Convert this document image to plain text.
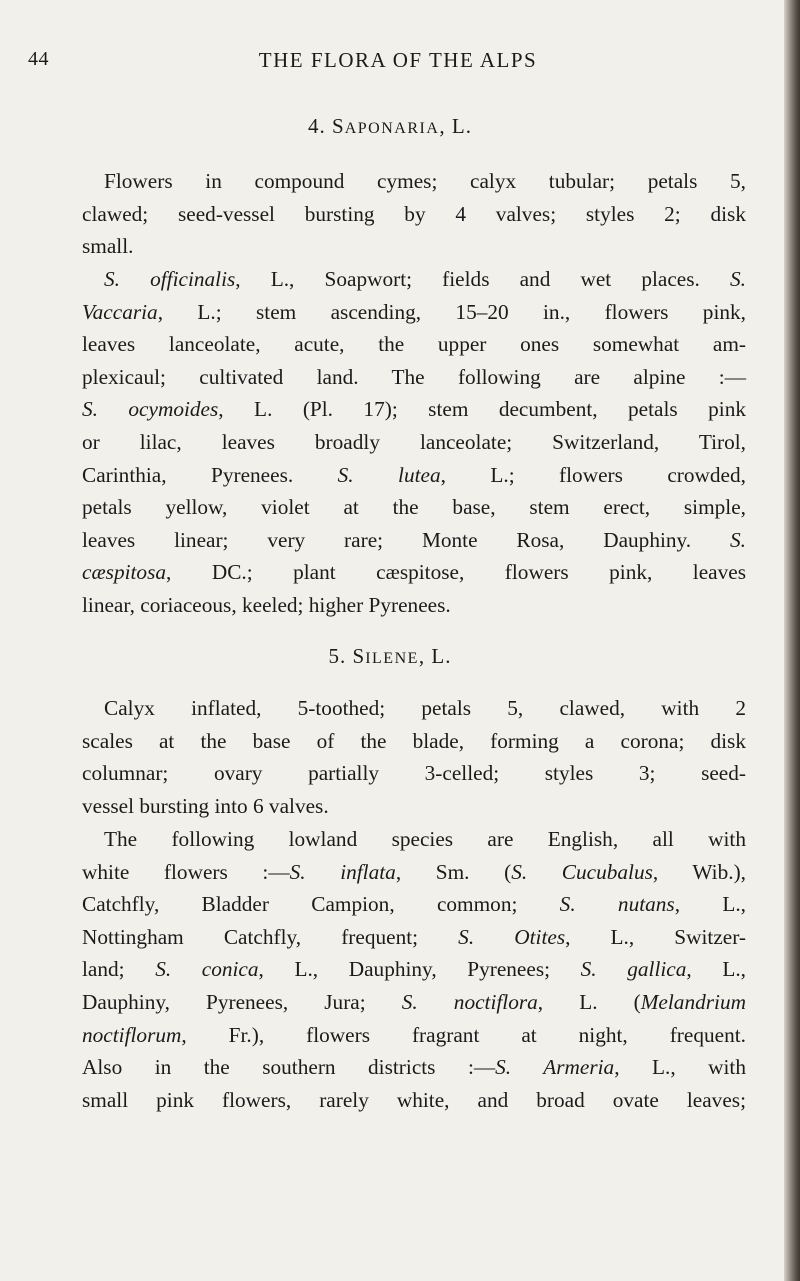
44	THE FLORA OF THE ALPS
4. SAPONARIA, L.
Flowers in compound cymes; calyx tubular; petals 5,
clawed; seed-vessel bursting by 4 valves; styles 2; disk
small.
S. officinalis, L., Soapwort; fields and wet places. S.
Vaccaria, L.; stem ascending, 15–20 in., flowers pink,
leaves lanceolate, acute, the upper ones somewhat am-
plexicaul; cultivated land. The following are alpine :—
S. ocymoides, L. (Pl. 17); stem decumbent, petals pink
or lilac, leaves broadly lanceolate; Switzerland, Tirol,
Carinthia, Pyrenees. S. lutea, L.; flowers crowded,
petals yellow, violet at the base, stem erect, simple,
leaves linear; very rare; Monte Rosa, Dauphiny. S.
cæspitosa, DC.; plant cæspitose, flowers pink, leaves
linear, coriaceous, keeled; higher Pyrenees.
5. SILENE, L.
Calyx inflated, 5-toothed; petals 5, clawed, with 2
scales at the base of the blade, forming a corona; disk
columnar; ovary partially 3-celled; styles 3; seed-
vessel bursting into 6 valves.
The following lowland species are English, all with
white flowers :—S. inflata, Sm. (S. Cucubalus, Wib.),
Catchfly, Bladder Campion, common; S. nutans, L.,
Nottingham Catchfly, frequent; S. Otites, L., Switzer-
land; S. conica, L., Dauphiny, Pyrenees; S. gallica, L.,
Dauphiny, Pyrenees, Jura; S. noctiflora, L. (Melandrium
noctiflorum, Fr.), flowers fragrant at night, frequent.
Also in the southern districts :—S. Armeria, L., with
small pink flowers, rarely white, and broad ovate leaves;
